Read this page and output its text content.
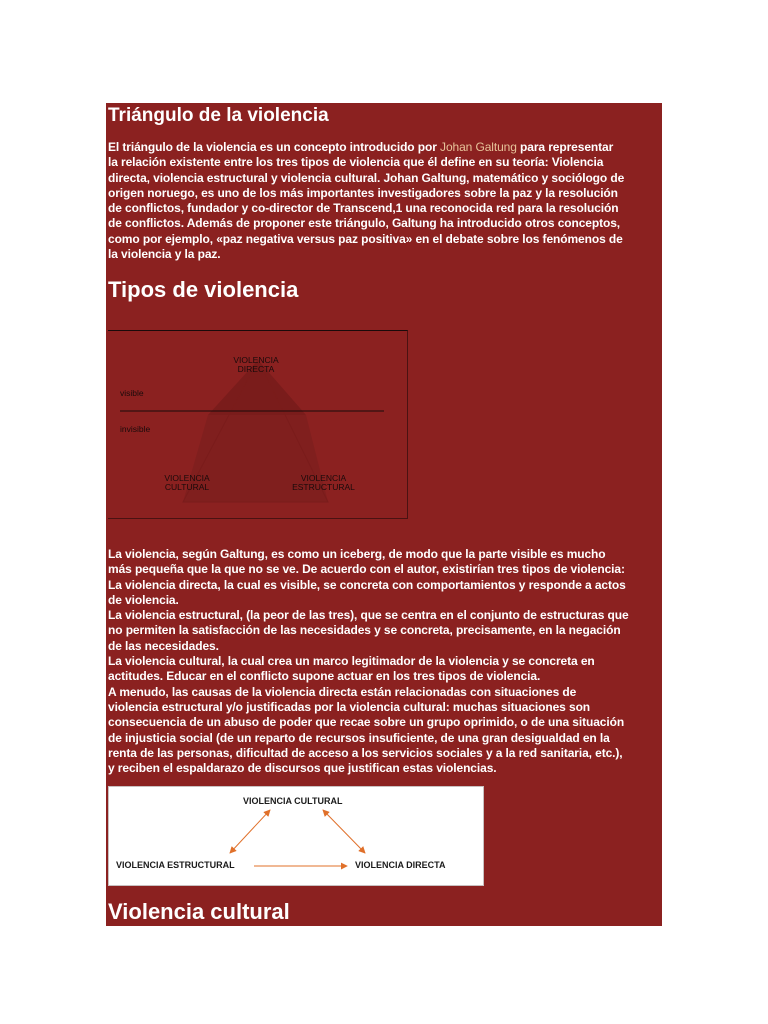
Triángulo de la violencia
El triángulo de la violencia es un concepto introducido por Johan Galtung para representar
la relación existente entre los tres tipos de violencia que él define en su teoría: Violencia
directa, violencia estructural y violencia cultural. Johan Galtung, matemático y sociólogo de
origen noruego, es uno de los más importantes investigadores sobre la paz y la resolución
de conflictos, fundador y co-director de Transcend,1 una reconocida red para la resolución
de conflictos. Además de proponer este triángulo, Galtung ha introducido otros conceptos,
como por ejemplo, «paz negativa versus paz positiva» en el debate sobre los fenómenos de
la violencia y la paz.
Tipos de violencia
VIOLENCIA DIRECTA
visible
invisible
VIOLENCIA CULTURAL
VIOLENCIA ESTRUCTURAL
La violencia, según Galtung, es como un iceberg, de modo que la parte visible es mucho
más pequeña que la que no se ve. De acuerdo con el autor, existirían tres tipos de violencia:
La violencia directa, la cual es visible, se concreta con comportamientos y responde a actos
de violencia.
La violencia estructural, (la peor de las tres), que se centra en el conjunto de estructuras que
no permiten la satisfacción de las necesidades y se concreta, precisamente, en la negación
de las necesidades.
La violencia cultural, la cual crea un marco legitimador de la violencia y se concreta en
actitudes. Educar en el conflicto supone actuar en los tres tipos de violencia.
A menudo, las causas de la violencia directa están relacionadas con situaciones de
violencia estructural y/o justificadas por la violencia cultural: muchas situaciones son
consecuencia de un abuso de poder que recae sobre un grupo oprimido, o de una situación
de injusticia social (de un reparto de recursos insuficiente, de una gran desigualdad en la
renta de las personas, dificultad de acceso a los servicios sociales y a la red sanitaria, etc.),
y reciben el espaldarazo de discursos que justifican estas violencias.
VIOLENCIA CULTURAL
VIOLENCIA ESTRUCTURAL	VIOLENCIA DIRECTA
Violencia cultural
